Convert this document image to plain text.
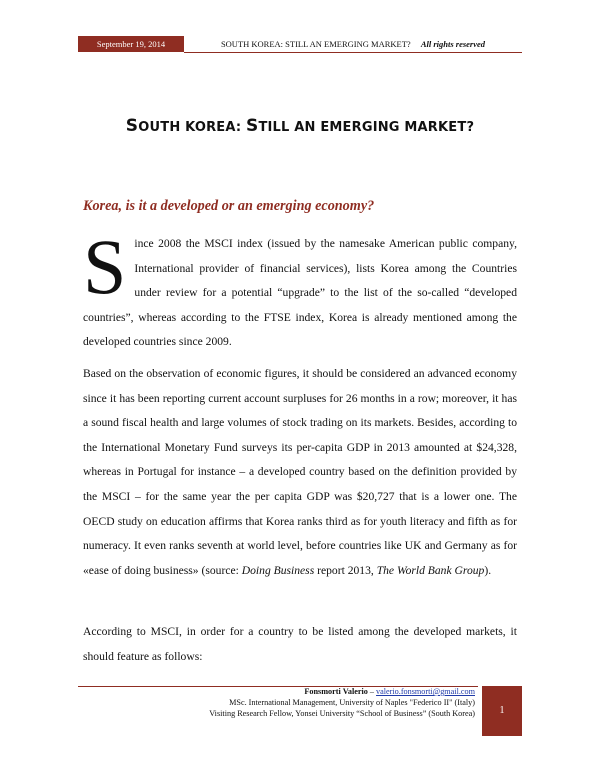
September 19, 2014	SOUTH KOREA: STILL AN EMERGING MARKET? All rights reserved
SOUTH KOREA: STILL AN EMERGING MARKET?
Korea, is it a developed or an emerging economy?
Since 2008 the MSCI index (issued by the namesake American public company, International provider of financial services), lists Korea among the Countries under review for a potential “upgrade” to the list of the so-called “developed countries”, whereas according to the FTSE index, Korea is already mentioned among the developed countries since 2009.
Based on the observation of economic figures, it should be considered an advanced economy since it has been reporting current account surpluses for 26 months in a row; moreover, it has a sound fiscal health and large volumes of stock trading on its markets. Besides, according to the International Monetary Fund surveys its per-capita GDP in 2013 amounted at $24,328, whereas in Portugal for instance – a developed country based on the definition provided by the MSCI – for the same year the per capita GDP was $20,727 that is a lower one. The OECD study on education affirms that Korea ranks third as for youth literacy and fifth as for numeracy. It even ranks seventh at world level, before countries like UK and Germany as for «ease of doing business» (source: Doing Business report 2013, The World Bank Group).
According to MSCI, in order for a country to be listed among the developed markets, it should feature as follows:
Fonsmorti Valerio – valerio.fonsmorti@gmail.com
MSc. International Management, University of Naples "Federico II" (Italy)
Visiting Research Fellow, Yonsei University “School of Business” (South Korea)	1
